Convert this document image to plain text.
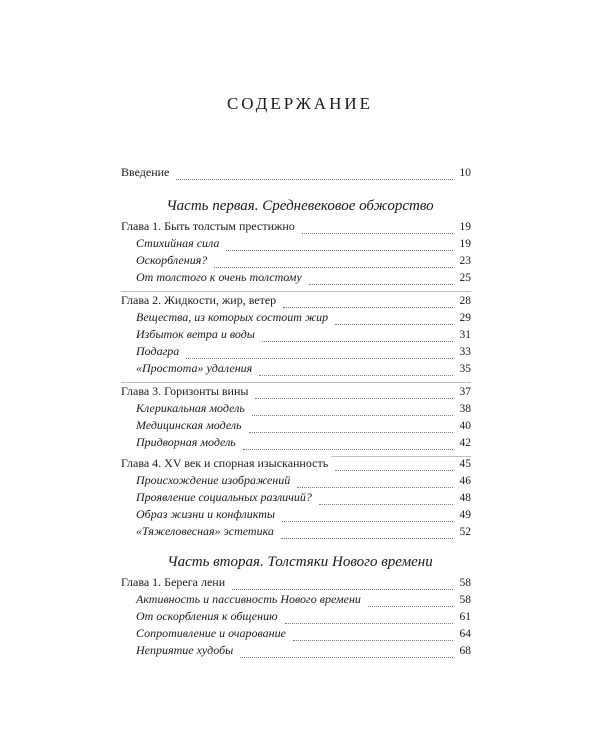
СОДЕРЖАНИЕ
Введение	10
Часть первая. Средневековое обжорство
Глава 1. Быть толстым престижно	19
Стихийная сила	19
Оскорбления?	23
От толстого к очень толстому	25
Глава 2. Жидкости, жир, ветер	28
Вещества, из которых состоит жир	29
Избыток ветра и воды	31
Подагра	33
«Простота» удаления	35
Глава 3. Горизонты вины	37
Клерикальная модель	38
Медицинская модель	40
Придворная модель	42
Глава 4. XV век и спорная изысканность	45
Происхождение изображений	46
Проявление социальных различий?	48
Образ жизни и конфликты	49
«Тяжеловесная» эстетика	52
Часть вторая. Толстяки Нового времени
Глава 1. Берега лени	58
Активность и пассивность Нового времени	58
От оскорбления к общению	61
Сопротивление и очарование	64
Неприятие худобы	68
